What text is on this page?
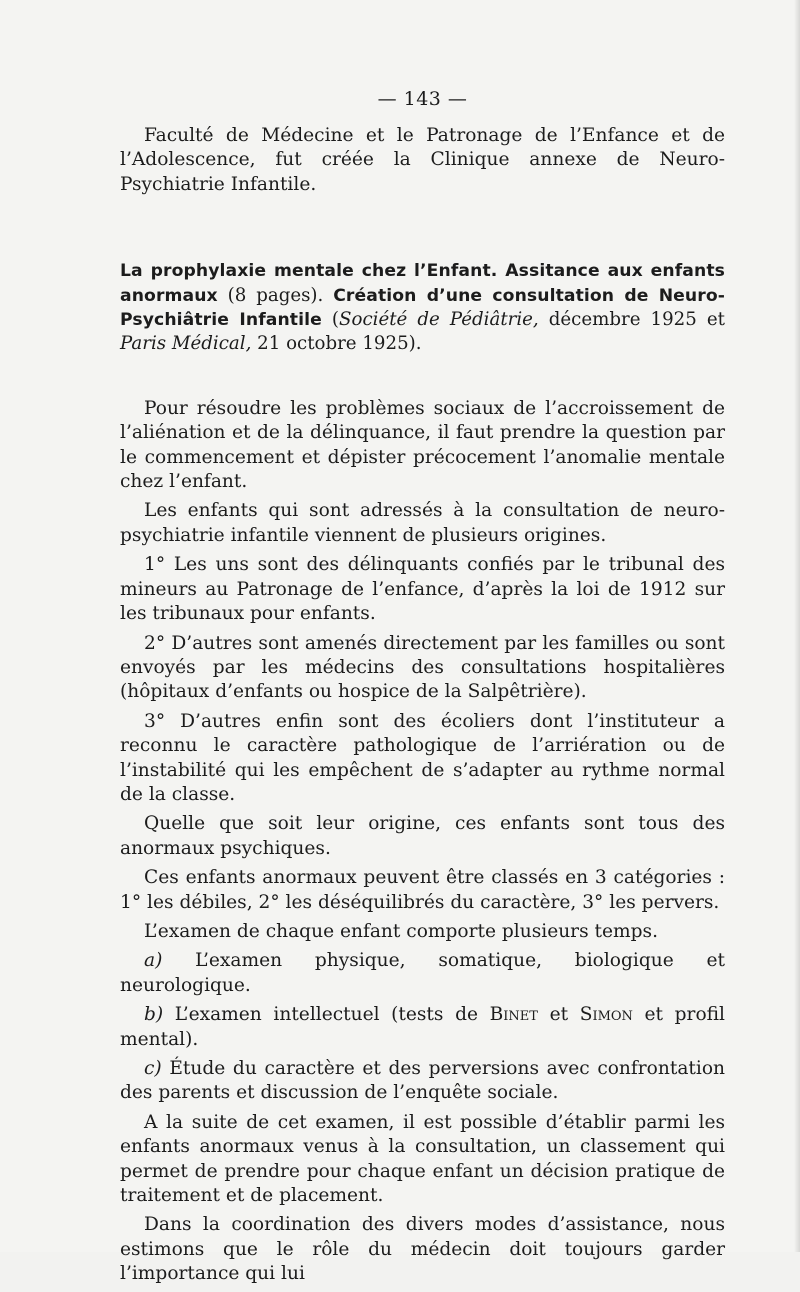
— 143 —

Faculté de Médecine et le Patronage de l’Enfance et de l’Adolescence, fut créée la Clinique annexe de Neuro-Psychiatrie Infantile.

La prophylaxie mentale chez l’Enfant. Assitance aux enfants anormaux (8 pages). Création d’une consultation de Neuro-Psychiâtrie Infantile (Société de Pédiâtrie, décembre 1925 et Paris Médical, 21 octobre 1925).

Pour résoudre les problèmes sociaux de l’accroissement de l’aliénation et de la délinquance, il faut prendre la question par le commencement et dépister précocement l’anomalie mentale chez l’enfant.

Les enfants qui sont adressés à la consultation de neuro-psychiatrie infantile viennent de plusieurs origines.

1° Les uns sont des délinquants confiés par le tribunal des mineurs au Patronage de l’enfance, d’après la loi de 1912 sur les tribunaux pour enfants.

2° D’autres sont amenés directement par les familles ou sont envoyés par les médecins des consultations hospitalières (hôpitaux d’enfants ou hospice de la Salpêtrière).

3° D’autres enfin sont des écoliers dont l’instituteur a reconnu le caractère pathologique de l’arriération ou de l’instabilité qui les empêchent de s’adapter au rythme normal de la classe.

Quelle que soit leur origine, ces enfants sont tous des anormaux psychiques.

Ces enfants anormaux peuvent être classés en 3 catégories : 1° les débiles, 2° les déséquilibrés du caractère, 3° les pervers.

L’examen de chaque enfant comporte plusieurs temps.

a) L’examen physique, somatique, biologique et neurologique.

b) L’examen intellectuel (tests de Binet et Simon et profil mental).

c) Étude du caractère et des perversions avec confrontation des parents et discussion de l’enquête sociale.

A la suite de cet examen, il est possible d’établir parmi les enfants anormaux venus à la consultation, un classement qui permet de prendre pour chaque enfant un décision pratique de traitement et de placement.

Dans la coordination des divers modes d’assistance, nous estimons que le rôle du médecin doit toujours garder l’importance qui lui
